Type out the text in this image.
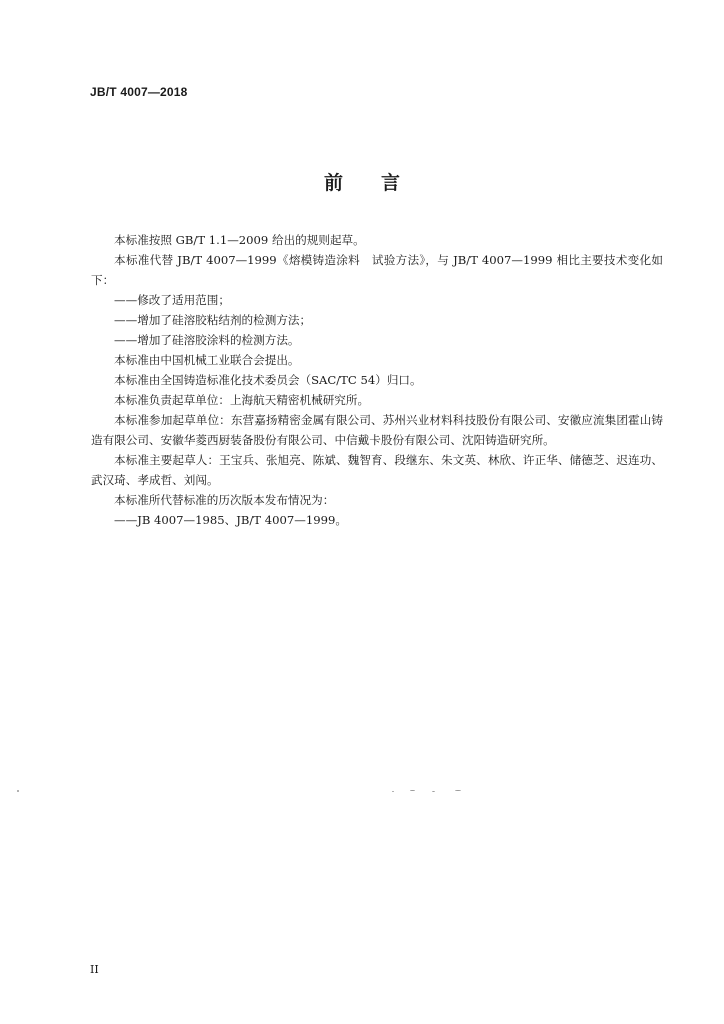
JB/T 4007—2018
前言

本标准按照 GB/T 1.1—2009 给出的规则起草。

本标准代替 JB/T 4007—1999《熔模铸造涂料　试验方法》，与 JB/T 4007—1999 相比主要技术变化如下：

——修改了适用范围；

——增加了硅溶胶粘结剂的检测方法；

——增加了硅溶胶涂料的检测方法。

本标准由中国机械工业联合会提出。

本标准由全国铸造标准化技术委员会（SAC/TC 54）归口。

本标准负责起草单位：上海航天精密机械研究所。

本标准参加起草单位：东营嘉扬精密金属有限公司、苏州兴业材料科技股份有限公司、安徽应流集团霍山铸造有限公司、安徽华菱西厨装备股份有限公司、中信戴卡股份有限公司、沈阳铸造研究所。

本标准主要起草人：王宝兵、张旭亮、陈斌、魏智育、段继东、朱文英、林欣、许正华、储德芝、迟连功、武汉琦、孝成哲、刘闯。

本标准所代替标准的历次版本发布情况为：

——JB 4007—1985、JB/T 4007—1999。

II
